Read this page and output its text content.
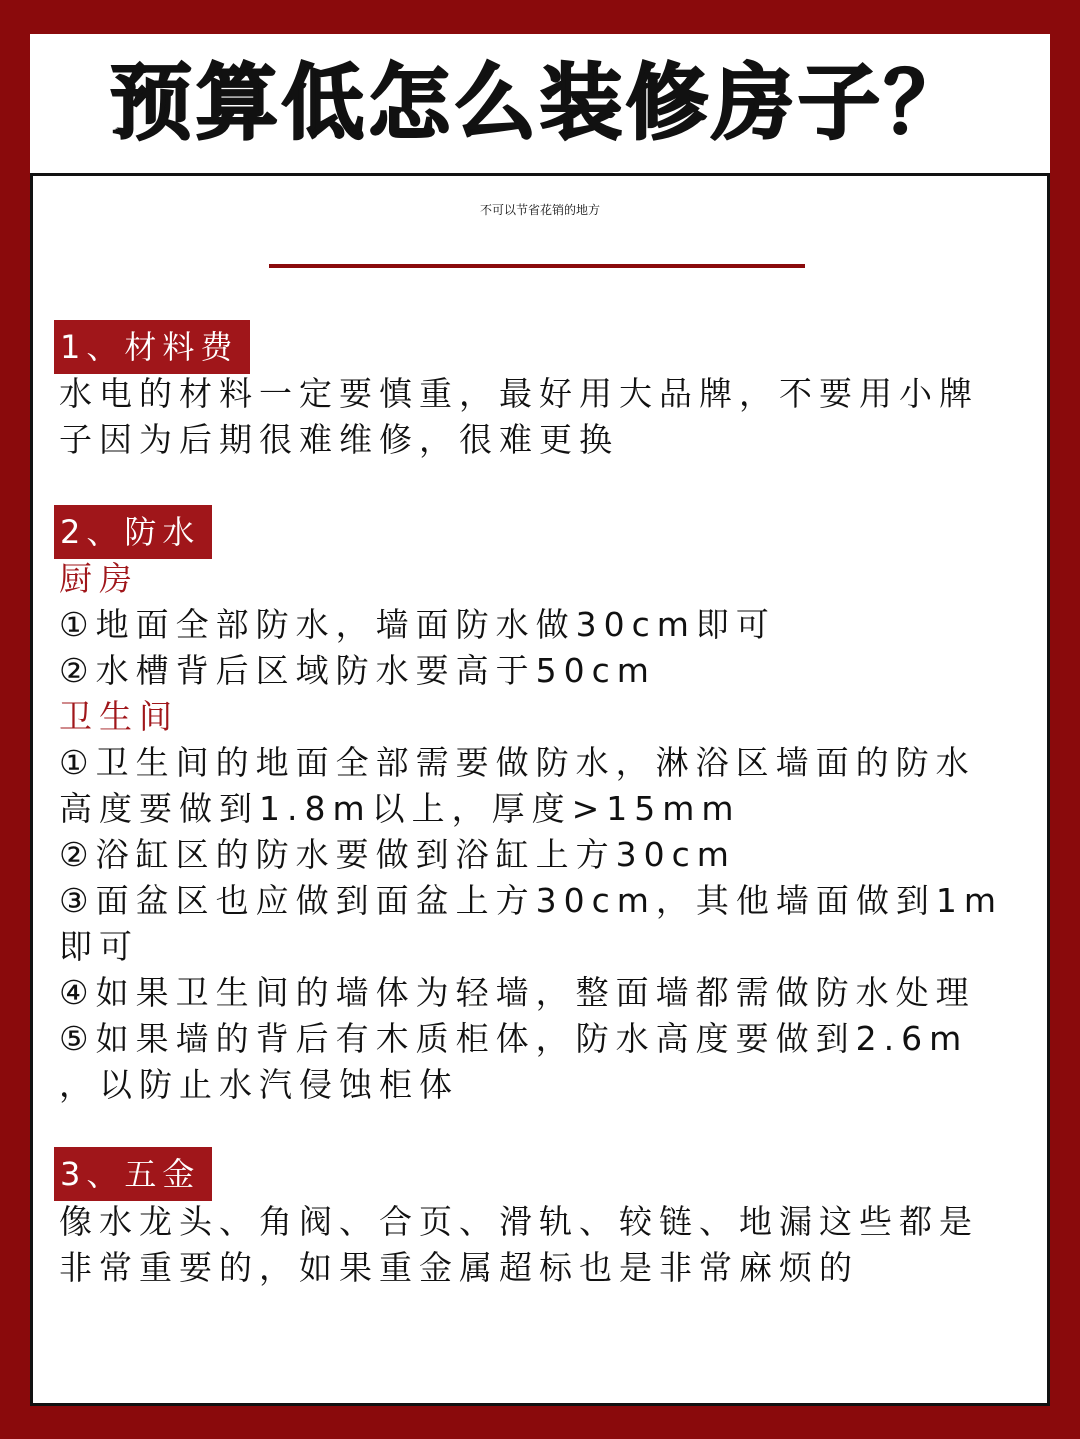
预算低怎么装修房子？
不可以节省花销的地方
1、材料费
水电的材料一定要慎重，最好用大品牌，不要用小牌
子因为后期很难维修，很难更换
2、防水
厨房
①地面全部防水，墙面防水做30cm即可
②水槽背后区域防水要高于50cm
卫生间
①卫生间的地面全部需要做防水，淋浴区墙面的防水
高度要做到1.8m以上，厚度>15mm
②浴缸区的防水要做到浴缸上方30cm
③面盆区也应做到面盆上方30cm，其他墙面做到1m
即可
④如果卫生间的墙体为轻墙，整面墙都需做防水处理
⑤如果墙的背后有木质柜体，防水高度要做到2.6m
，以防止水汽侵蚀柜体
3、五金
像水龙头、角阀、合页、滑轨、较链、地漏这些都是
非常重要的，如果重金属超标也是非常麻烦的
